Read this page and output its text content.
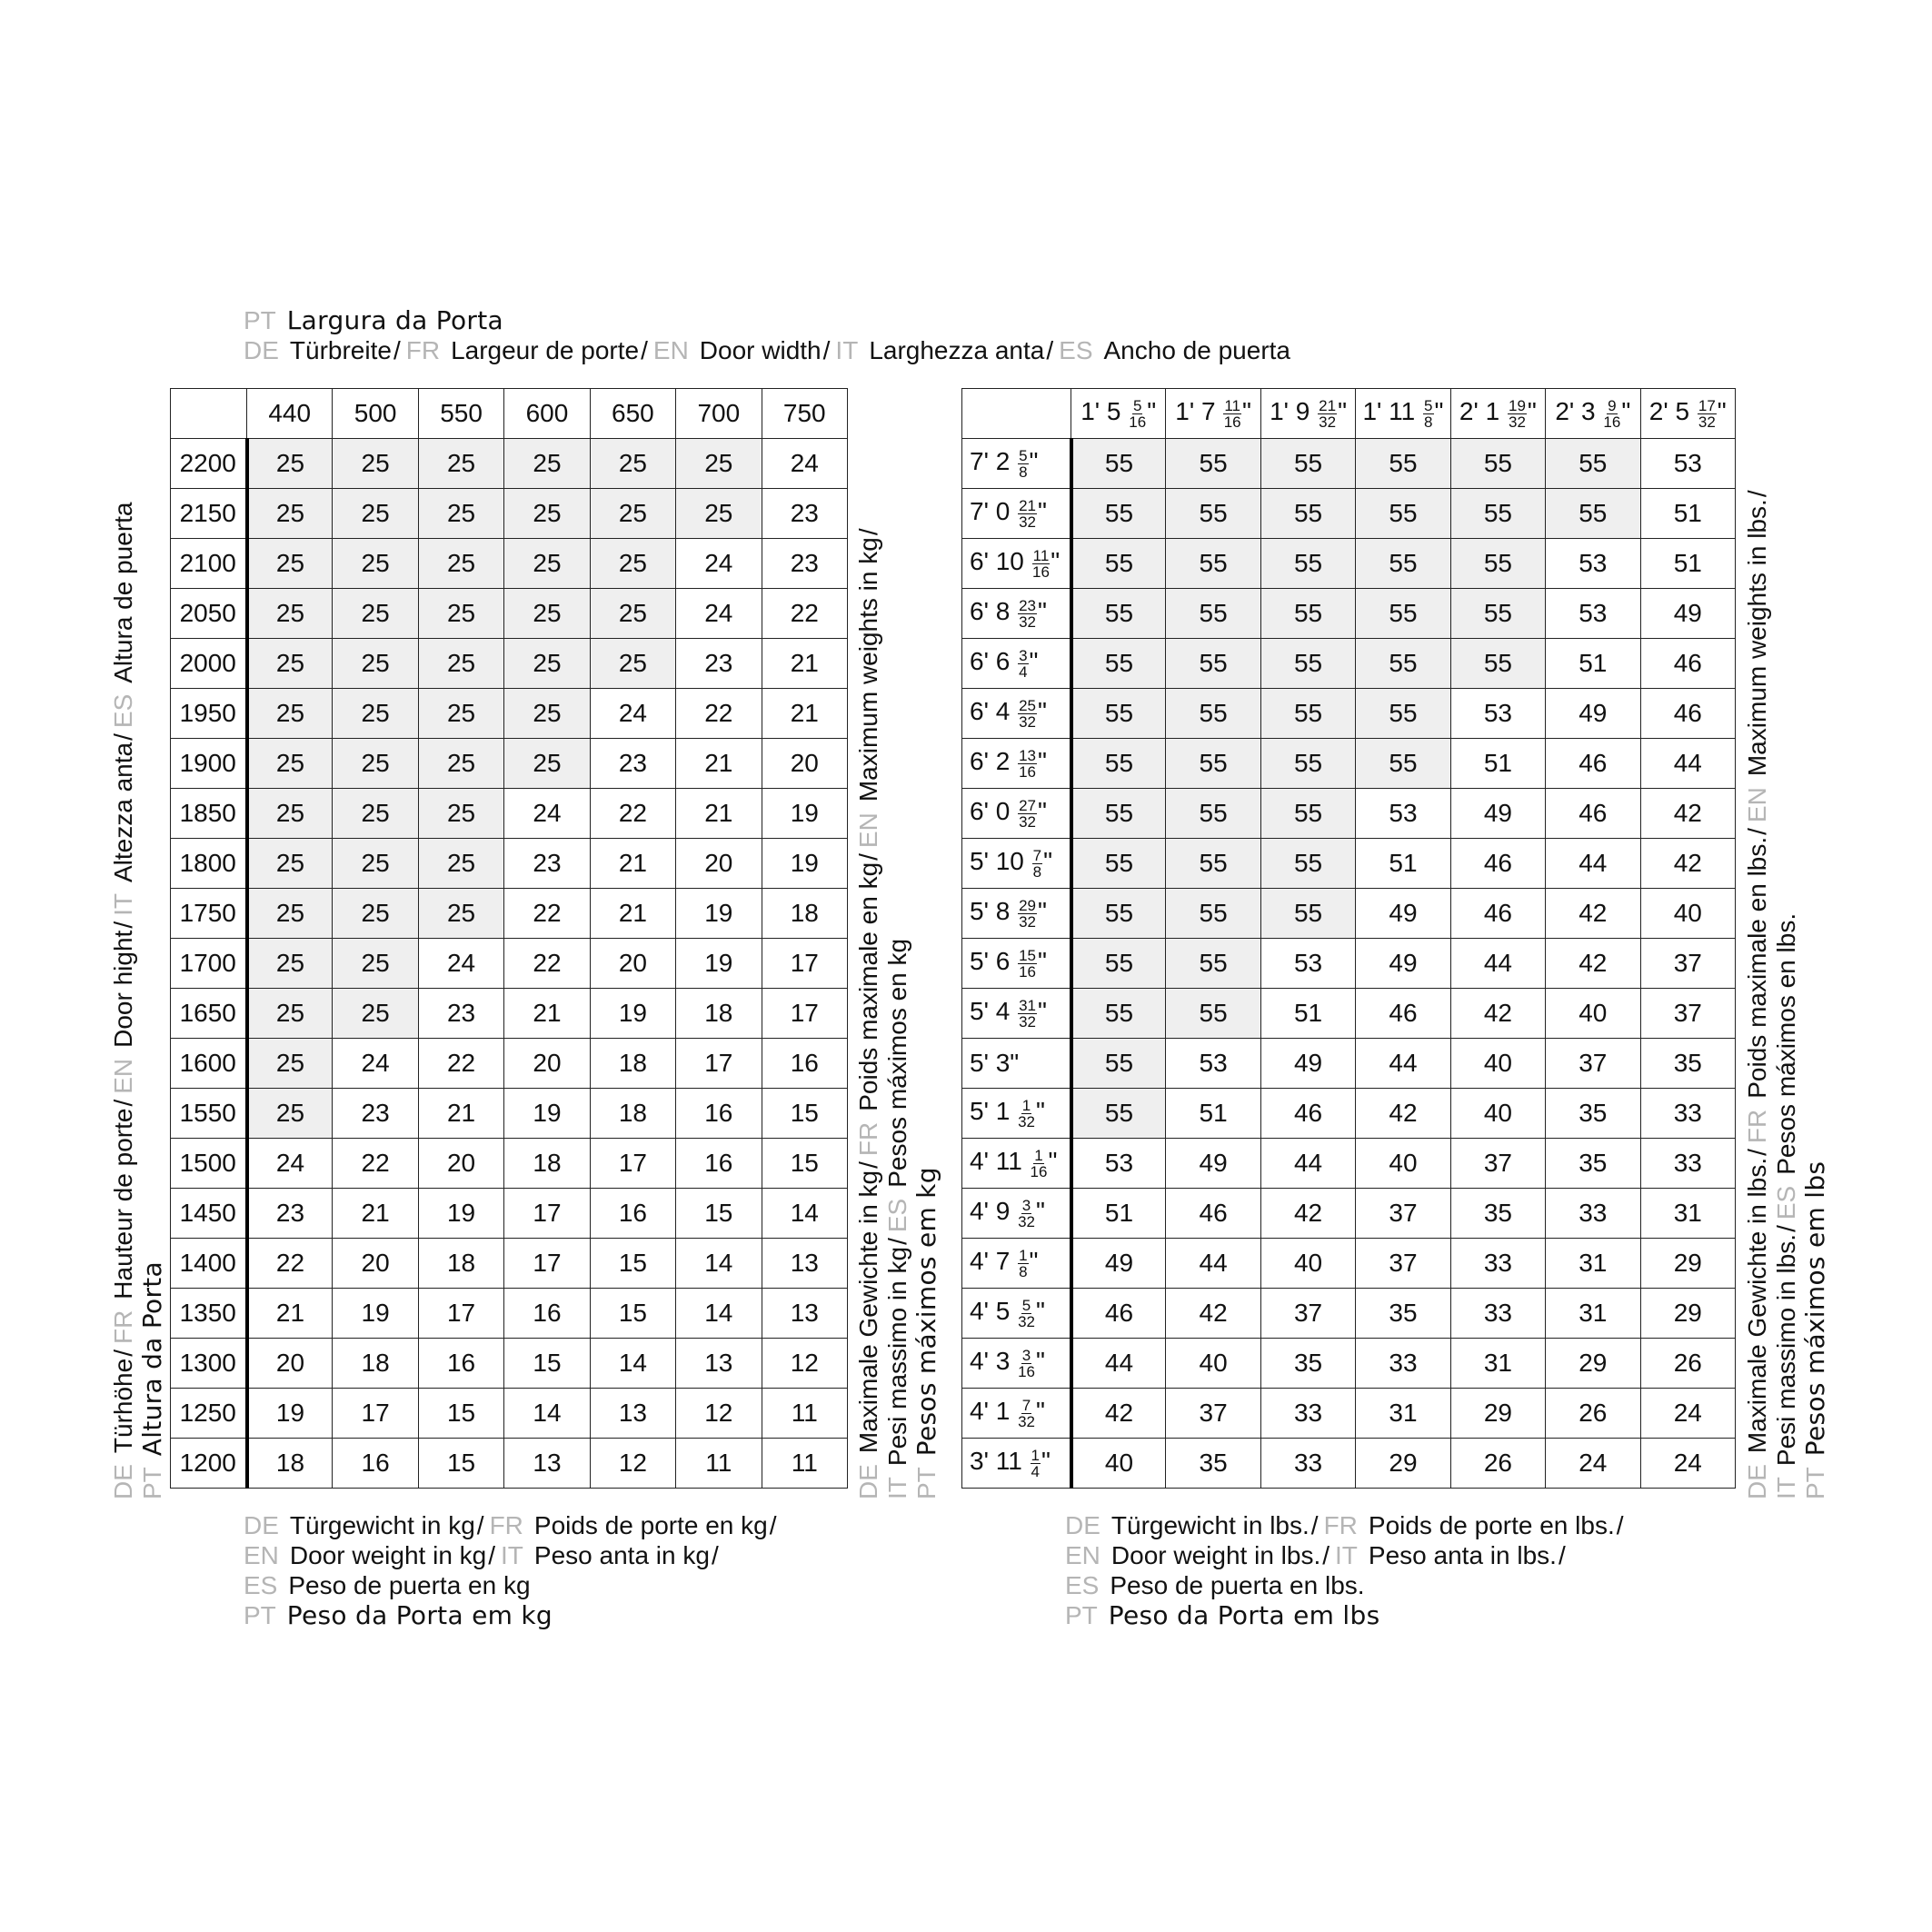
PT Largura da Porta
DE Türbreite/ FR Largeur de porte/ EN Door width/ IT Larghezza anta/ ES Ancho de puerta
	440	500	550	600	650	700	750
2200	25	25	25	25	25	25	24
2150	25	25	25	25	25	25	23
2100	25	25	25	25	25	24	23
2050	25	25	25	25	25	24	22
2000	25	25	25	25	25	23	21
1950	25	25	25	25	24	22	21
1900	25	25	25	25	23	21	20
1850	25	25	25	24	22	21	19
1800	25	25	25	23	21	20	19
1750	25	25	25	22	21	19	18
1700	25	25	24	22	20	19	17
1650	25	25	23	21	19	18	17
1600	25	24	22	20	18	17	16
1550	25	23	21	19	18	16	15
1500	24	22	20	18	17	16	15
1450	23	21	19	17	16	15	14
1400	22	20	18	17	15	14	13
1350	21	19	17	16	15	14	13
1300	20	18	16	15	14	13	12
1250	19	17	15	14	13	12	11
1200	18	16	15	13	12	11	11
	1' $5 \frac{5}{16}$ "	1' $7 \frac{11}{16}$ "	1' $9 \frac{21}{32}$ "	1' $11 \frac{5}{8}$ "	2' $1 \frac{19}{32}$ "	2' $3 \frac{9}{16}$ "	2' $5 \frac{17}{32}$ "
7' $2 \frac{5}{8}$ "	55	55	55	55	55	55	53
7' $0 \frac{21}{32}$ "	55	55	55	55	55	55	51
6' $10 \frac{11}{16}$ "	55	55	55	55	55	53	51
6' $8 \frac{23}{32}$ "	55	55	55	55	55	53	49
6' $6 \frac{3}{4}$ "	55	55	55	55	55	51	46
6' $4 \frac{25}{32}$ "	55	55	55	55	53	49	46
6' $2 \frac{13}{16}$ "	55	55	55	55	51	46	44
6' $0 \frac{27}{32}$ "	55	55	55	53	49	46	42
5' $10 \frac{7}{8}$ "	55	55	55	51	46	44	42
5' $8 \frac{29}{32}$ "	55	55	55	49	46	42	40
5' $6 \frac{15}{16}$ "	55	55	53	49	44	42	37
5' $4 \frac{31}{32}$ "	55	55	51	46	42	40	37
5' 3"	55	53	49	44	40	37	35
5' $1 \frac{1}{32}$ "	55	51	46	42	40	35	33
4' $11 \frac{1}{16}$ "	53	49	44	40	37	35	33
4' $9 \frac{3}{32}$ "	51	46	42	37	35	33	31
4' $7 \frac{1}{8}$ "	49	44	40	37	33	31	29
4' $5 \frac{5}{32}$ "	46	42	37	35	33	31	29
4' $3 \frac{3}{16}$ "	44	40	35	33	31	29	26
4' $1 \frac{7}{32}$ "	42	37	33	31	29	26	24
3' $11 \frac{1}{4}$ "	40	35	33	29	26	24	24
DETürhöhe/FRHauteur de porte/ENDoor hight/ITAltezza anta/ESAltura de puerta
PTAltura da Porta
DEMaximale Gewichte in kg/FRPoids maximale en kg/ENMaximum weights in kg/
ITPesi massimo in kg/ESPesos máximos en kg
PTPesos máximos em kg
DEMaximale Gewichte in lbs./FRPoids maximale en lbs./ENMaximum weights in lbs./
ITPesi massimo in lbs./ESPesos máximos en lbs.
PTPesos máximos em lbs
DE Türgewicht in kg/ FR Poids de porte en kg/
EN Door weight in kg/ IT Peso anta in kg/
ES Peso de puerta en kg
PT Peso da Porta em kg
DE Türgewicht in lbs./ FR Poids de porte en lbs./
EN Door weight in lbs./ IT Peso anta in lbs./
ES Peso de puerta en lbs.
PT Peso da Porta em lbs
